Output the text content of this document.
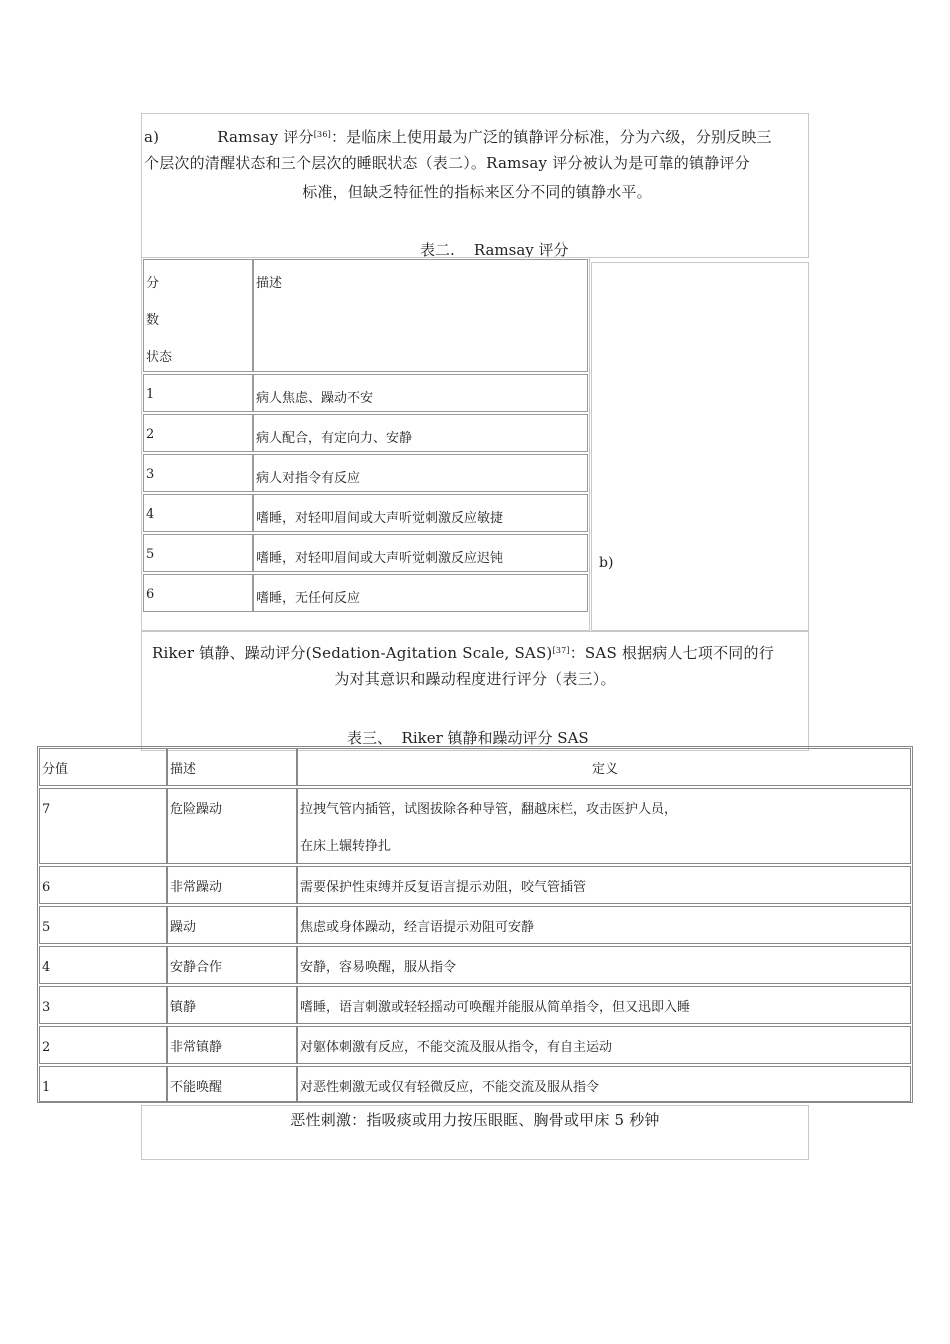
a)	Ramsay 评分[36]：是临床上使用最为广泛的镇静评分标准，分为六级，分别反映三
个层次的清醒状态和三个层次的睡眠状态（表二）。Ramsay 评分被认为是可靠的镇静评分
标准，但缺乏特征性的指标来区分不同的镇静水平。
表二.    Ramsay 评分
分
数
状态
描述
1	病人焦虑、躁动不安
2	病人配合，有定向力、安静
3	病人对指令有反应
4	嗜睡，对轻叩眉间或大声听觉刺激反应敏捷
5	嗜睡，对轻叩眉间或大声听觉刺激反应迟钝
6	嗜睡，无任何反应
b)
Riker 镇静、躁动评分(Sedation-Agitation Scale, SAS)[37]：SAS 根据病人七项不同的行
为对其意识和躁动程度进行评分（表三）。
表三、  Riker 镇静和躁动评分 SAS
分值	描述	定义
7	危险躁动	拉拽气管内插管，试图拔除各种导管，翻越床栏，攻击医护人员，
在床上辗转挣扎
6	非常躁动	需要保护性束缚并反复语言提示劝阻，咬气管插管
5	躁动	焦虑或身体躁动，经言语提示劝阻可安静
4	安静合作	安静，容易唤醒，服从指令
3	镇静	嗜睡，语言刺激或轻轻摇动可唤醒并能服从简单指令，但又迅即入睡
2	非常镇静	对躯体刺激有反应，不能交流及服从指令，有自主运动
1	不能唤醒	对恶性刺激无或仅有轻微反应，不能交流及服从指令
恶性刺激：指吸痰或用力按压眼眶、胸骨或甲床 5 秒钟
